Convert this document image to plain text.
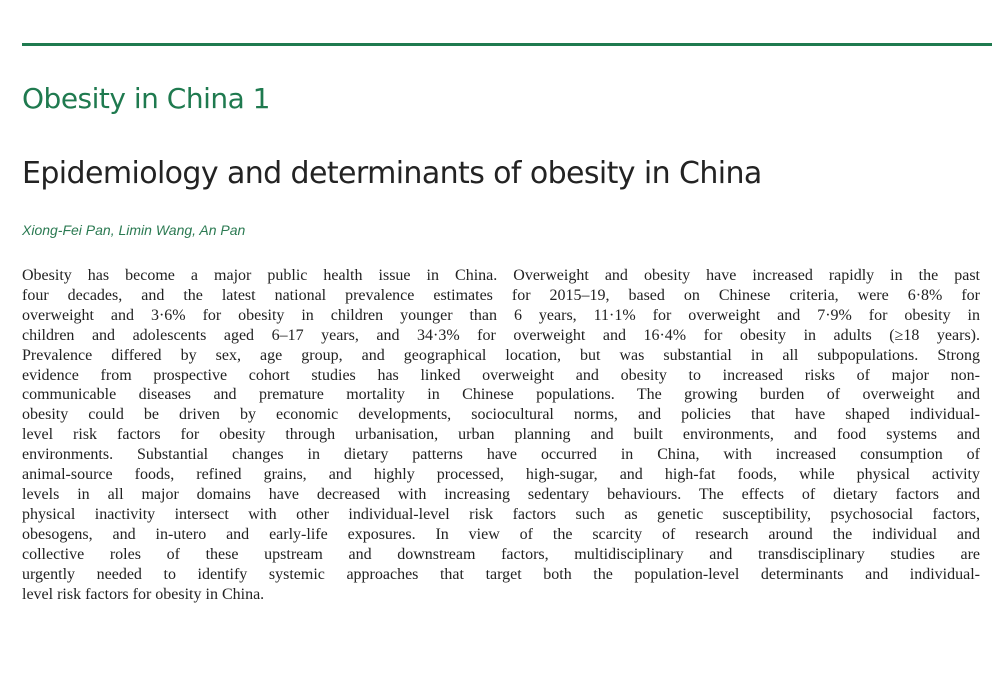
Obesity in China 1
Epidemiology and determinants of obesity in China
Xiong-Fei Pan, Limin Wang, An Pan
Obesity has become a major public health issue in China. Overweight and obesity have increased rapidly in the past
four decades, and the latest national prevalence estimates for 2015–19, based on Chinese criteria, were 6·8% for
overweight and 3·6% for obesity in children younger than 6 years, 11·1% for overweight and 7·9% for obesity in
children and adolescents aged 6–17 years, and 34·3% for overweight and 16·4% for obesity in adults (≥18 years).
Prevalence differed by sex, age group, and geographical location, but was substantial in all subpopulations. Strong
evidence from prospective cohort studies has linked overweight and obesity to increased risks of major non-
communicable diseases and premature mortality in Chinese populations. The growing burden of overweight and
obesity could be driven by economic developments, sociocultural norms, and policies that have shaped individual-
level risk factors for obesity through urbanisation, urban planning and built environments, and food systems and
environments. Substantial changes in dietary patterns have occurred in China, with increased consumption of
animal-source foods, refined grains, and highly processed, high-sugar, and high-fat foods, while physical activity
levels in all major domains have decreased with increasing sedentary behaviours. The effects of dietary factors and
physical inactivity intersect with other individual-level risk factors such as genetic susceptibility, psychosocial factors,
obesogens, and in-utero and early-life exposures. In view of the scarcity of research around the individual and
collective roles of these upstream and downstream factors, multidisciplinary and transdisciplinary studies are
urgently needed to identify systemic approaches that target both the population-level determinants and individual-
level risk factors for obesity in China.
